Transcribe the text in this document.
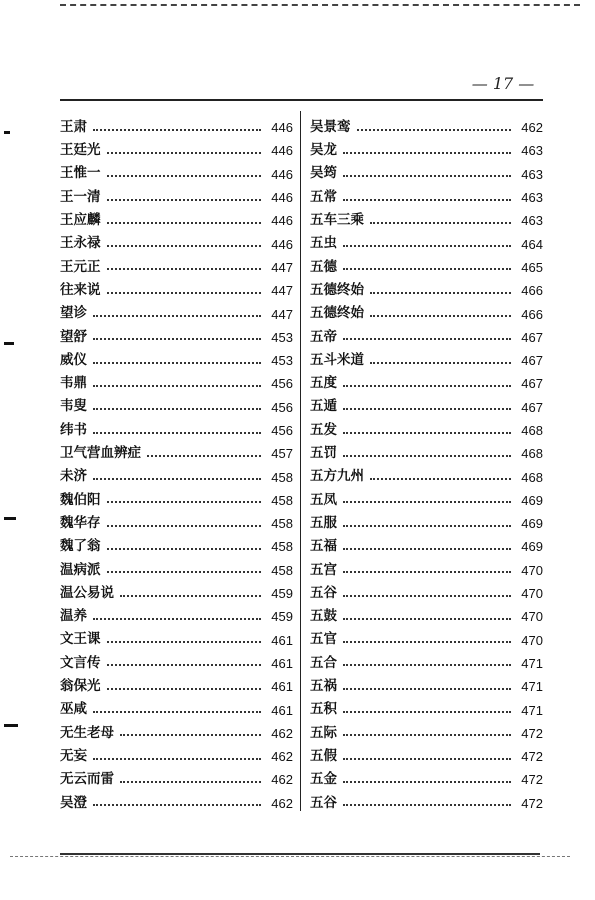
— 17 —
王肃	446
王廷光	446
王惟一	446
王一清	446
王应麟	446
王永禄	446
王元正	447
往来说	447
望诊	447
望舒	453
威仪	453
韦鼎	456
韦叟	456
纬书	456
卫气营血辨症	457
未济	458
魏伯阳	458
魏华存	458
魏了翁	458
温病派	458
温公易说	459
温养	459
文王课	461
文言传	461
翁保光	461
巫咸	461
无生老母	462
无妄	462
无云而雷	462
吴澄	462
吴景鸾	462
吴龙	463
吴筠	463
五常	463
五车三乘	463
五虫	464
五德	465
五德终始	466
五德终始	466
五帝	467
五斗米道	467
五度	467
五遁	467
五发	468
五罚	468
五方九州	468
五凤	469
五服	469
五福	469
五宫	470
五谷	470
五鼓	470
五官	470
五合	471
五祸	471
五积	471
五际	472
五假	472
五金	472
五谷	472
